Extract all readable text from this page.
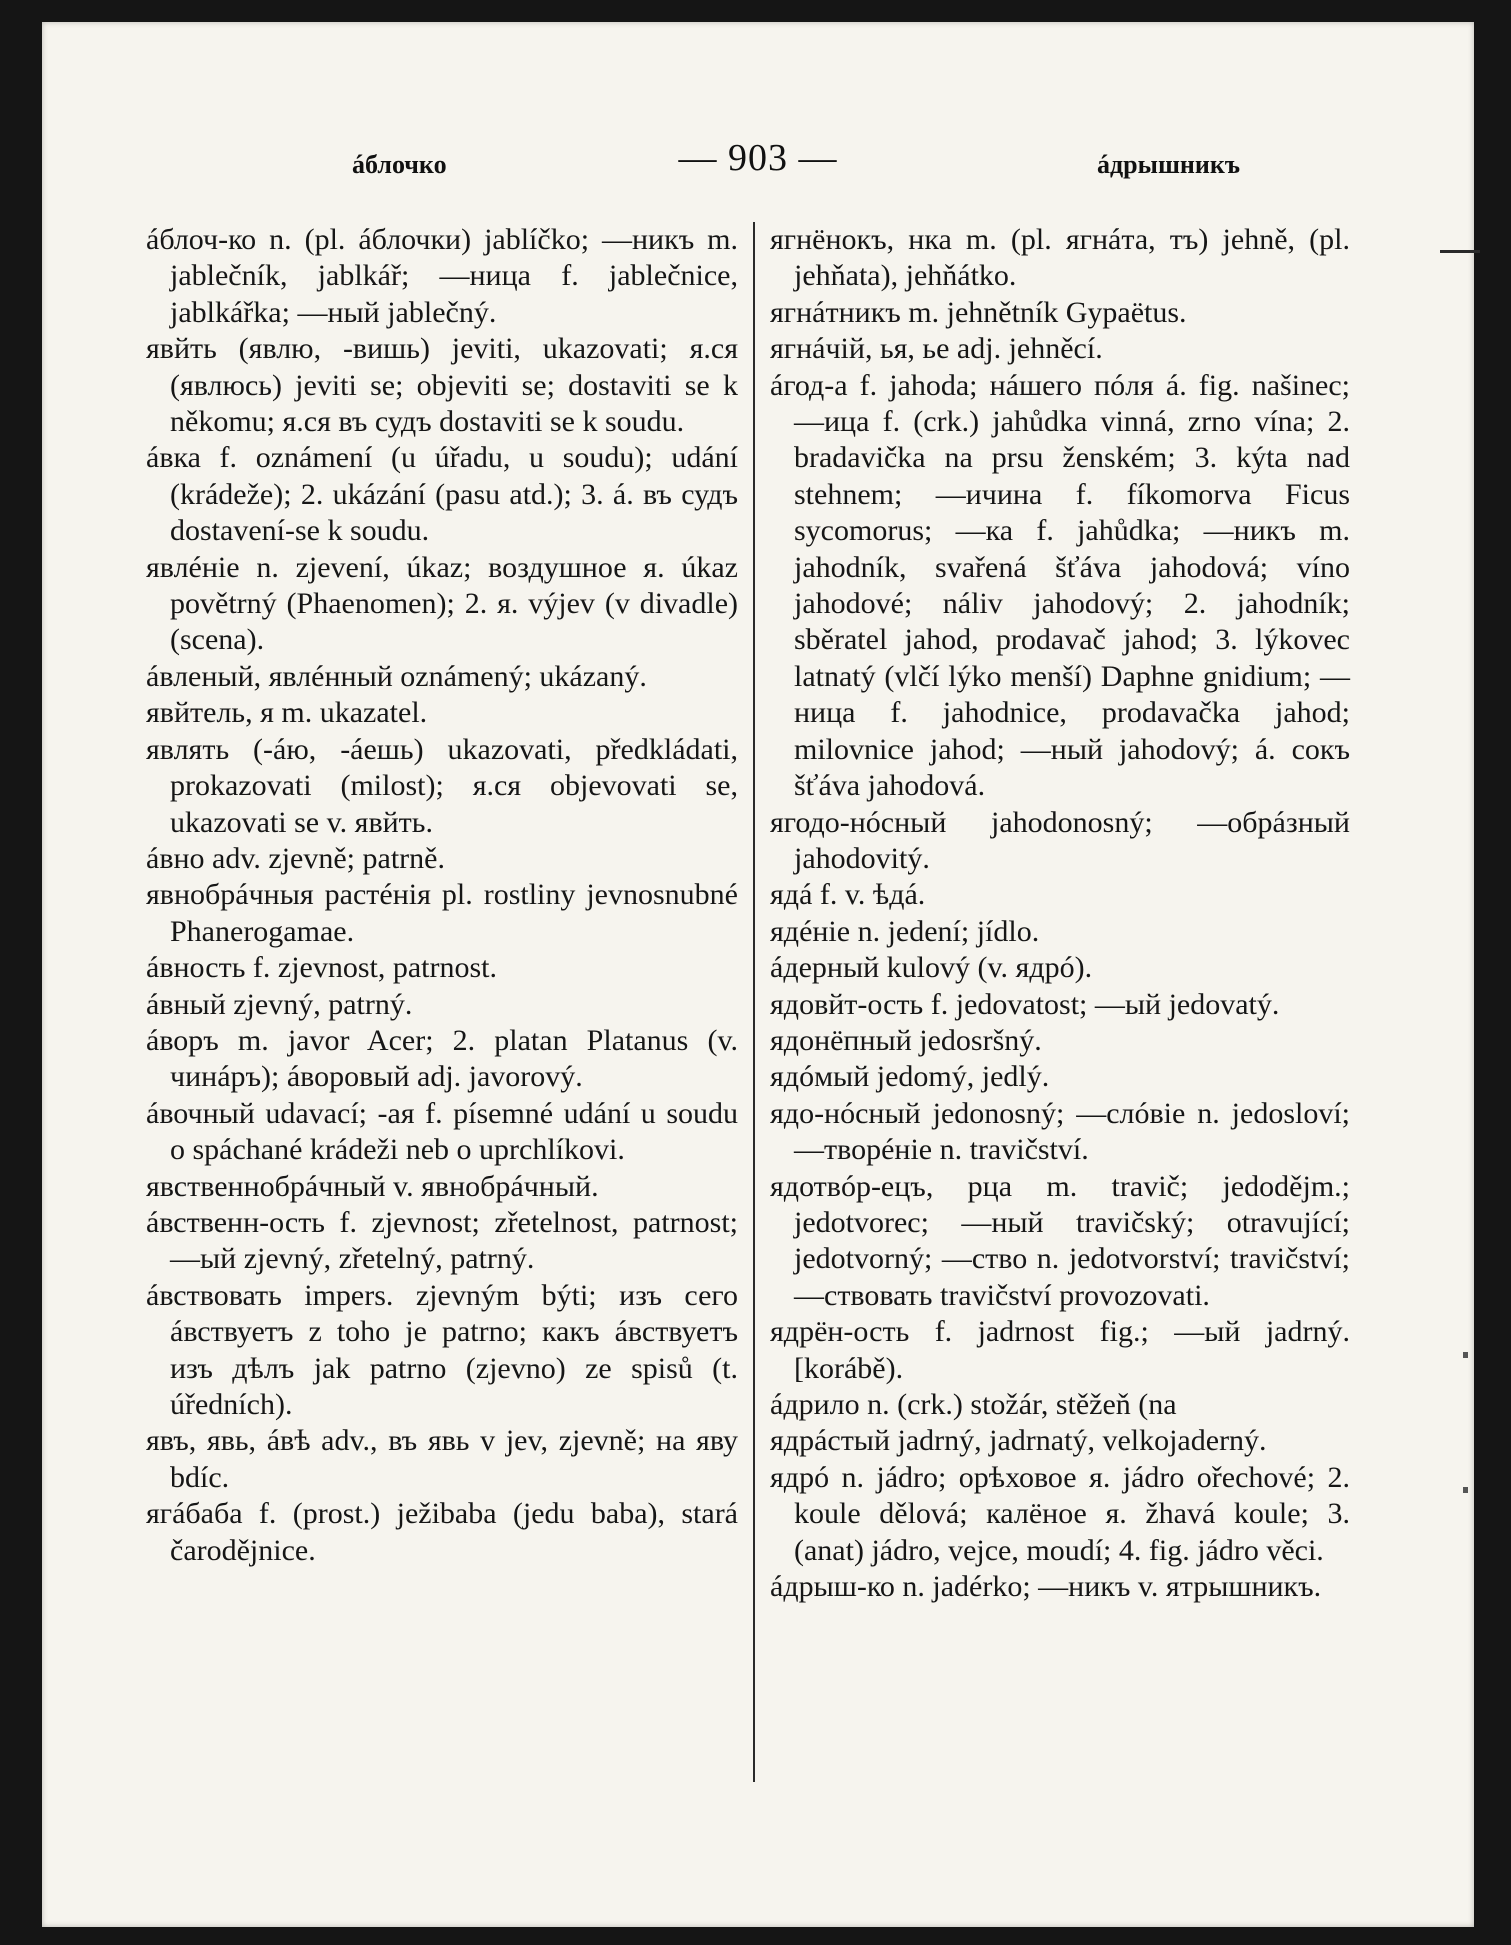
áблочко	— 903 —	áдрышникъ

áблоч-ко n. (pl. áблочки) jablíčko; —никъ m. jablečník, jablkář; —ница f. jablečnice, jablkářka; —ный jablečný.

явйть (явлю, -вишь) jeviti, ukazovati; я.ся (явлюсь) jeviti se; objeviti se; dostaviti se k někomu; я.ся въ судъ dostaviti se k soudu.

áвка f. oznámení (u úřadu, u soudu); udání (krádeže); 2. ukázání (pasu atd.); 3. á. въ судъ dostavení-se k soudu.

явлéніе n. zjevení, úkaz; воздушное я. úkaz povětrný (Phaenomen); 2. я. výjev (v divadle) (scena).

áвленый, явлéнный oznámený; ukázaný.

явйтель, я m. ukazatel.

являть (-áю, -áешь) ukazovati, předkládati, prokazovati (milost); я.ся objevovati se, ukazovati se v. явйть.

áвно adv. zjevně; patrně.

явнобрáчныя растéнія pl. rostliny jevnosnubné Phanerogamae.

áвность f. zjevnost, patrnost.

áвный zjevný, patrný.

áворъ m. javor Acer; 2. platan Platanus (v. чинáръ); áворовый adj. javorový.

áвочный udavací; -ая f. písemné udání u soudu o spáchané krádeži neb o uprchlíkovi.

явственнобрáчный v. явнобрáчный.

áвственн-ость f. zjevnost; zřetelnost, patrnost; —ый zjevný, zřetelný, patrný.

áвствовать impers. zjevným býti; изъ сего áвствуетъ z toho je patrno; какъ áвствуетъ изъ дѣлъ jak patrno (zjevno) ze spisů (t. úředních).

явъ, явь, áвѣ adv., въ явь v jev, zjevně; на яву bdíc.

ягáбаба f. (prost.) ježibaba (jedu baba), stará čarodějnice.

ягнёнокъ, нка m. (pl. ягнáта, тъ) jehně, (pl. jehňata), jehňátko.

ягнáтникъ m. jehnětník Gypaëtus.

ягнáчій, ья, ье adj. jehněcí.

áгод-а f. jahoda; нáшего пóля á. fig. našinec; —ица f. (crk.) jahůdka vinná, zrno vína; 2. bradavička na prsu ženském; 3. kýta nad stehnem; —ичина f. fíkomorva Ficus sycomorus; —ка f. jahůdka; —никъ m. jahodník, svařená šťáva jahodová; víno jahodové; náliv jahodový; 2. jahodník; sběratel jahod, prodavač jahod; 3. lýkovec latnatý (vlčí lýko menší) Daphne gnidium; —ница f. jahodnice, prodavačka jahod; milovnice jahod; —ный jahodový; á. сокъ šťáva jahodová.

ягодо-нóсный jahodonosný; —обрáзный jahodovitý.

ядá f. v. ѣдá.

ядéніе n. jedení; jídlo.

áдерный kulový (v. ядрó).

ядовйт-ость f. jedovatost; —ый jedovatý.

ядонёпный jedosršný.

ядóмый jedomý, jedlý.

ядо-нóсный jedonosný; —слóвіе n. jedosloví; —творéніе n. travičství.

ядотвóр-ецъ, рца m. travič; jedodějm.; jedotvorec; —ный travičský; otravující; jedotvorný; —ство n. jedotvorství; travičství; —ствовать travičství provozovati.

ядрён-ость f. jadrnost fig.; —ый jadrný. [korábě).

áдрило n. (crk.) stožár, stěžeň (na

ядрáстый jadrný, jadrnatý, velkojaderný.

ядрó n. jádro; орѣховое я. jádro ořechové; 2. koule dělová; калёное я. žhavá koule; 3. (anat) jádro, vejce, moudí; 4. fig. jádro věci.

áдрыш-ко n. jadérko; —никъ v. ятрышникъ.
